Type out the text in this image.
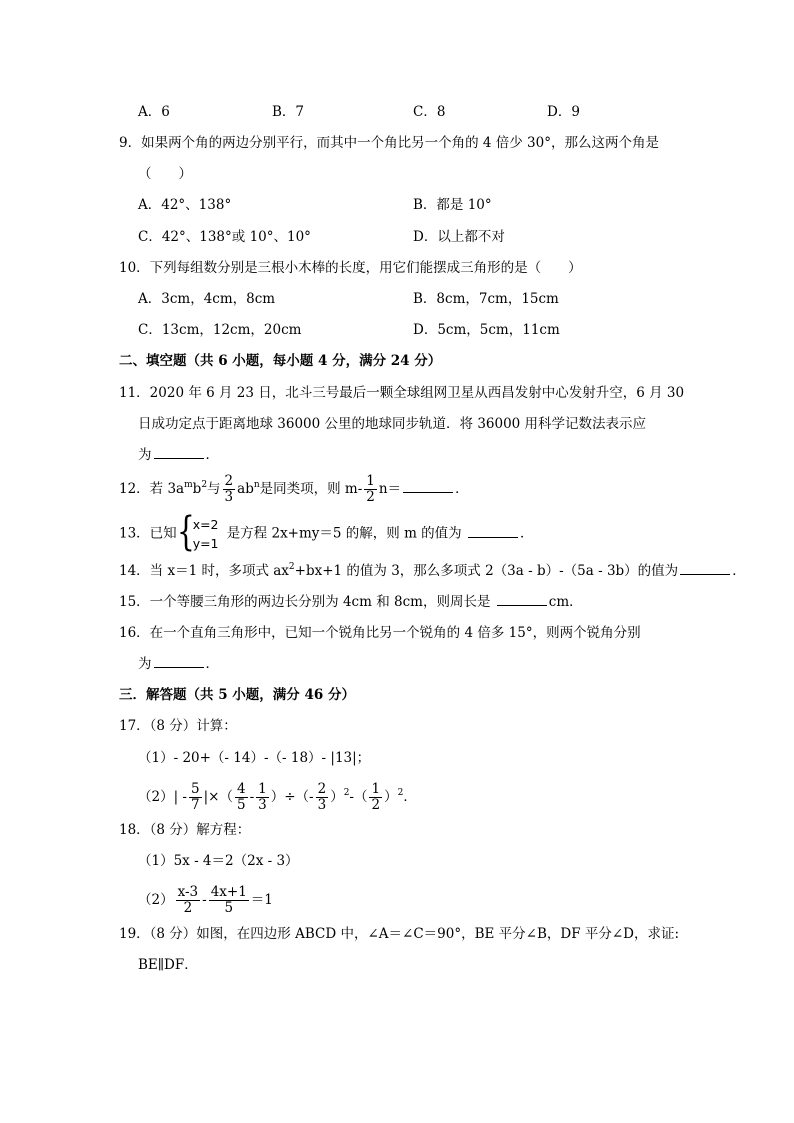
A．6	B．7	C．8	D．9
9．如果两个角的两边分别平行，而其中一个角比另一个角的 4 倍少 30°，那么这两个角是
（　　）
A．42°、138°	B．都是 10°
C．42°、138°或 10°、10°	D．以上都不对
10．下列每组数分别是三根小木棒的长度，用它们能摆成三角形的是（　　）
A．3cm，4cm，8cm	B．8cm，7cm，15cm
C．13cm，12cm，20cm	D．5cm，5cm，11cm
二、填空题（共 6 小题，每小题 4 分，满分 24 分）
11．2020 年 6 月 23 日，北斗三号最后一颗全球组网卫星从西昌发射中心发射升空，6 月 30
日成功定点于距离地球 36000 公里的地球同步轨道．将 36000 用科学记数法表示应
为	．
12．若 $3a^mb^2$与 $\frac{2}{3} ab^n$是同类项，则 $m- \frac{1}{2} n=$	．
13．已知 {
x=2
y=1
是方程 2x+my＝5 的解，则 m 的值为	．
14．当 x＝1 时，多项式 $ax^2+bx+1$ 的值为 3，那么多项式 2（3a - b）-（5a - 3b）的值为	．
15．一个等腰三角形的两边长分别为 4cm 和 8cm，则周长是	cm．
16．在一个直角三角形中，已知一个锐角比另一个锐角的 4 倍多 15°，则两个锐角分别
为	．
三．解答题（共 5 小题，满分 46 分）
17．（8 分）计算：
（1）- 20+（- 14）-（- 18）- |13|；
$(2)| - \frac{5}{7}$ |×（ $\frac{4}{5} - \frac{1}{3}$ ）÷（- $\frac{2}{3} )^2-( \frac{1}{2} )^2$．
18．（8 分）解方程：
（1）5x - 4＝2（2x - 3）
$(2) \frac{x-3}{2} - \frac{4x+1}{5} =1$
19．（8 分）如图，在四边形 ABCD 中，∠A＝∠C＝90°，BE 平分∠B，DF 平分∠D，求证:
BE∥DF．
